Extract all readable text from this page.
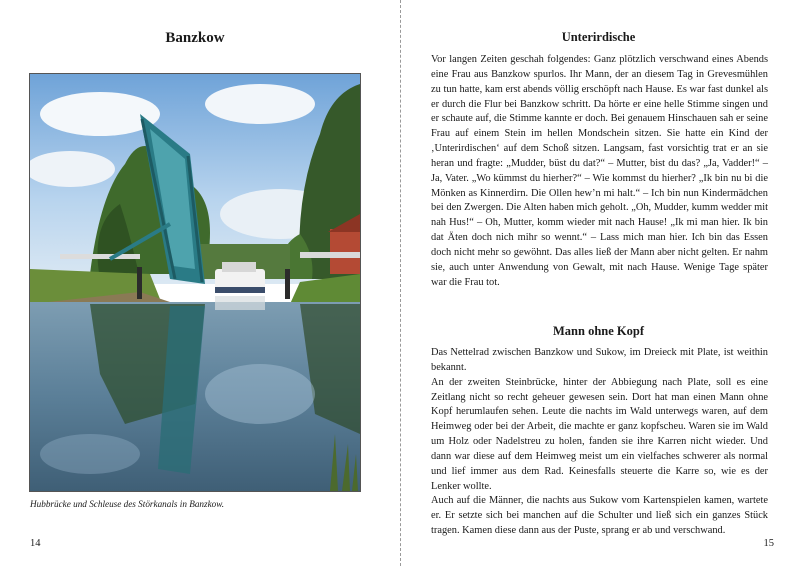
Banzkow

Hubbrücke und Schleuse des Störkanals in Banzkow.

14

Unterirdische

Vor langen Zeiten geschah folgendes: Ganz plötzlich verschwand eines Abends eine Frau aus Banzkow spurlos. Ihr Mann, der an diesem Tag in Grevesmühlen zu tun hatte, kam erst abends völlig erschöpft nach Hause. Es war fast dunkel als er durch die Flur bei Banzkow schritt. Da hörte er eine helle Stimme singen und er schaute auf, die Stimme kannte er doch. Bei genauem Hinschauen sah er seine Frau auf einem Stein im hellen Mondschein sitzen. Sie hatte ein Kind der ‚Unterirdischen‘ auf dem Schoß sitzen. Langsam, fast vorsichtig trat er an sie heran und fragte: „Mudder, büst du dat?“ – Mutter, bist du das? „Ja, Vadder!“ – Ja, Vater. „Wo kümmst du hierher?“ – Wie kommst du hierher? „Ik bin nu bi die Mönken as Kinnerdirn. Die Ollen hew’n mi halt.“ – Ich bin nun Kindermädchen bei den Zwergen. Die Alten haben mich geholt. „Oh, Mudder, kumm wedder mit nah Hus!“ – Oh, Mutter, komm wieder mit nach Hause! „Ik mi man hier. Ik bin dat Äten doch nich mihr so wennt.“ – Lass mich man hier. Ich bin das Essen doch nicht mehr so gewöhnt. Das alles ließ der Mann aber nicht gelten. Er nahm sie, auch unter Anwendung von Gewalt, mit nach Hause. Wenige Tage später war die Frau tot.

Mann ohne Kopf

Das Nettelrad zwischen Banzkow und Sukow, im Dreieck mit Plate, ist weithin bekannt.

An der zweiten Steinbrücke, hinter der Abbiegung nach Plate, soll es eine Zeitlang nicht so recht geheuer gewesen sein. Dort hat man einen Mann ohne Kopf herumlaufen sehen. Leute die nachts im Wald unterwegs waren, auf dem Heimweg oder bei der Arbeit, die machte er ganz kopfscheu. Waren sie im Wald um Holz oder Nadelstreu zu holen, fanden sie ihre Karren nicht wieder. Und dann war diese auf dem Heimweg meist um ein vielfaches schwerer als normal und lief immer aus dem Rad. Keinesfalls steuerte die Karre so, wie es der Lenker wollte.

Auch auf die Männer, die nachts aus Sukow vom Kartenspielen kamen, wartete er. Er setzte sich bei manchen auf die Schulter und ließ sich ein ganzes Stück tragen. Kamen diese dann aus der Puste, sprang er ab und verschwand.

15
